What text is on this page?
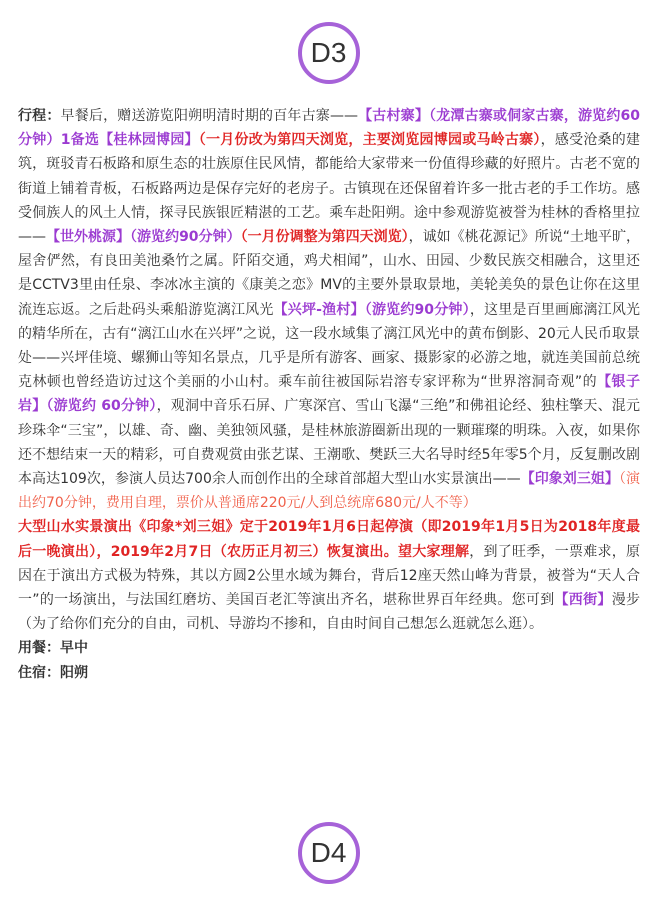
D3

行程：早餐后，赠送游览阳朔明清时期的百年古寨——【古村寨】（龙潭古寨或侗家古寨，游览约60分钟）1备选【桂林园博园】（一月份改为第四天浏览，主要浏览园博园或马岭古寨），感受沧桑的建筑，斑驳青石板路和原生态的壮族原住民风情，都能给大家带来一份值得珍藏的好照片。古老不宽的街道上铺着青板，石板路两边是保存完好的老房子。古镇现在还保留着许多一批古老的手工作坊。感受侗族人的风土人情，探寻民族银匠精湛的工艺。乘车赴阳朔。途中参观游览被誉为桂林的香格里拉——【世外桃源】（游览约90分钟）（一月份调整为第四天浏览），诚如《桃花源记》所说“土地平旷，屋舍俨然，有良田美池桑竹之属。阡陌交通，鸡犬相闻”，山水、田园、少数民族交相融合，这里还是CCTV3里由任泉、李冰冰主演的《康美之恋》MV的主要外景取景地，美轮美奂的景色让你在这里流连忘返。之后赴码头乘船游览漓江风光【兴坪-渔村】（游览约90分钟），这里是百里画廊漓江风光的精华所在，古有“漓江山水在兴坪”之说，这一段水域集了漓江风光中的黄布倒影、20元人民币取景处——兴坪佳境、螺狮山等知名景点，几乎是所有游客、画家、摄影家的必游之地，就连美国前总统克林顿也曾经造访过这个美丽的小山村。乘车前往被国际岩溶专家评称为“世界溶洞奇观”的【银子岩】（游览约 60分钟），观洞中音乐石屏、广寒深宫、雪山飞瀑“三绝”和佛祖论经、独柱擎天、混元珍珠伞“三宝”，以雄、奇、幽、美独领风骚，是桂林旅游圈新出现的一颗璀璨的明珠。入夜，如果你还不想结束一天的精彩，可自费观赏由张艺谋、王潮歌、樊跃三大名导时经5年零5个月，反复删改剧本高达109次，参演人员达700余人而创作出的全球首部超大型山水实景演出——【印象刘三姐】（演出约70分钟，费用自理，票价从普通席220元/人到总统席680元/人不等）

大型山水实景演出《印象*刘三姐》定于2019年1月6日起停演（即2019年1月5日为2018年度最后一晚演出），2019年2月7日（农历正月初三）恢复演出。望大家理解，到了旺季，一票难求，原因在于演出方式极为特殊，其以方圆2公里水域为舞台，背后12座天然山峰为背景，被誉为“天人合一”的一场演出，与法国红磨坊、美国百老汇等演出齐名，堪称世界百年经典。您可到【西街】漫步（为了给你们充分的自由，司机、导游均不掺和，自由时间自己想怎么逛就怎么逛）。

用餐：早中

住宿：阳朔

D4
